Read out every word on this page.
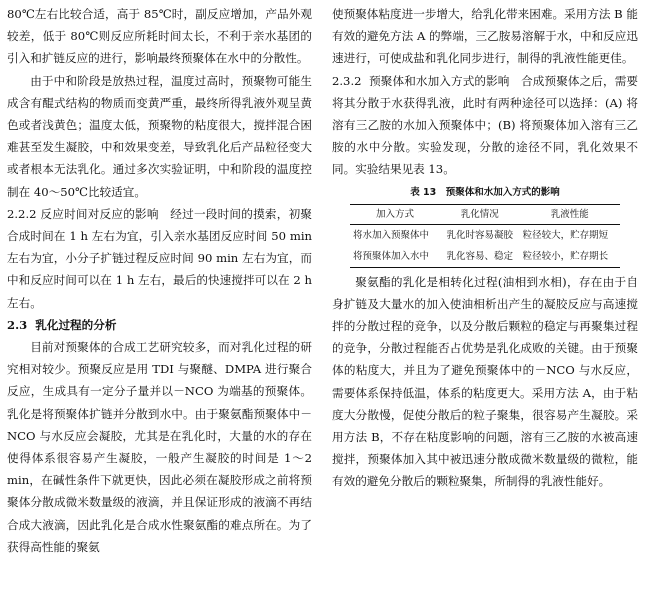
80℃左右比较合适，高于 85℃时，副反应增加，产品外观较差，低于 80℃则反应所耗时间太长，不利于亲水基团的引入和扩链反应的进行，影响最终预聚体在水中的分散性。

由于中和阶段是放热过程，温度过高时，预聚物可能生成含有醌式结构的物质而变黄严重，最终所得乳液外观呈黄色或者浅黄色；温度太低，预聚物的粘度很大，搅拌混合困难甚至发生凝胶，中和效果变差，导致乳化后产品粒径变大或者根本无法乳化。通过多次实验证明，中和阶段的温度控制在 40～50℃比较适宜。

2.2.2 反应时间对反应的影响 经过一段时间的摸索，初聚合成时间在 1 h 左右为宜，引入亲水基团反应时间 50 min 左右为宜，小分子扩链过程反应时间 90 min 左右为宜，而中和反应时间可以在 1 h 左右，最后的快速搅拌可以在 2 h 左右。

2.3 乳化过程的分析

目前对预聚体的合成工艺研究较多，而对乳化过程的研究相对较少。预聚反应是用 TDI 与聚醚、DMPA 进行聚合反应，生成具有一定分子量并以－NCO 为端基的预聚体。乳化是将预聚体扩链并分散到水中。由于聚氨酯预聚体中－NCO 与水反应会凝胶，尤其是在乳化时，大量的水的存在使得体系很容易产生凝胶，一般产生凝胶的时间是 1～2 min，在碱性条件下就更快，因此必须在凝胶形成之前将预聚体分散成微米数量级的液滴，并且保证形成的液滴不再结合成大液滴，因此乳化是合成水性聚氨酯的难点所在。为了获得高性能的聚氨

使预聚体粘度进一步增大，给乳化带来困难。采用方法 B 能有效的避免方法 A 的弊端，三乙胺易溶解于水，中和反应迅速进行，可使成盐和乳化同步进行，制得的乳液性能更佳。

2.3.2 预聚体和水加入方式的影响 合成预聚体之后，需要将其分散于水获得乳液，此时有两种途径可以选择：(A) 将溶有三乙胺的水加入预聚体中；(B) 将预聚体加入溶有三乙胺的水中分散。实验发现，分散的途径不同，乳化效果不同。实验结果见表 13。

表 13　预聚体和水加入方式的影响
加入方式	乳化情况	乳液性能
将水加入预聚体中	乳化时容易凝胶	粒径较大，贮存期短
将预聚体加入水中	乳化容易、稳定	粒径较小，贮存期长

聚氨酯的乳化是相转化过程(油相到水相)，存在由于自身扩链及大量水的加入使油相析出产生的凝胶反应与高速搅拌的分散过程的竞争，以及分散后颗粒的稳定与再聚集过程的竞争，分散过程能否占优势是乳化成败的关键。由于预聚体的粘度大，并且为了避免预聚体中的－NCO 与水反应，需要体系保持低温，体系的粘度更大。采用方法 A，由于粘度大分散慢，促使分散后的粒子聚集，很容易产生凝胶。采用方法 B，不存在粘度影响的问题，溶有三乙胺的水被高速搅拌，预聚体加入其中被迅速分散成微米数量级的微粒，能有效的避免分散后的颗粒聚集，所制得的乳液性能好。
